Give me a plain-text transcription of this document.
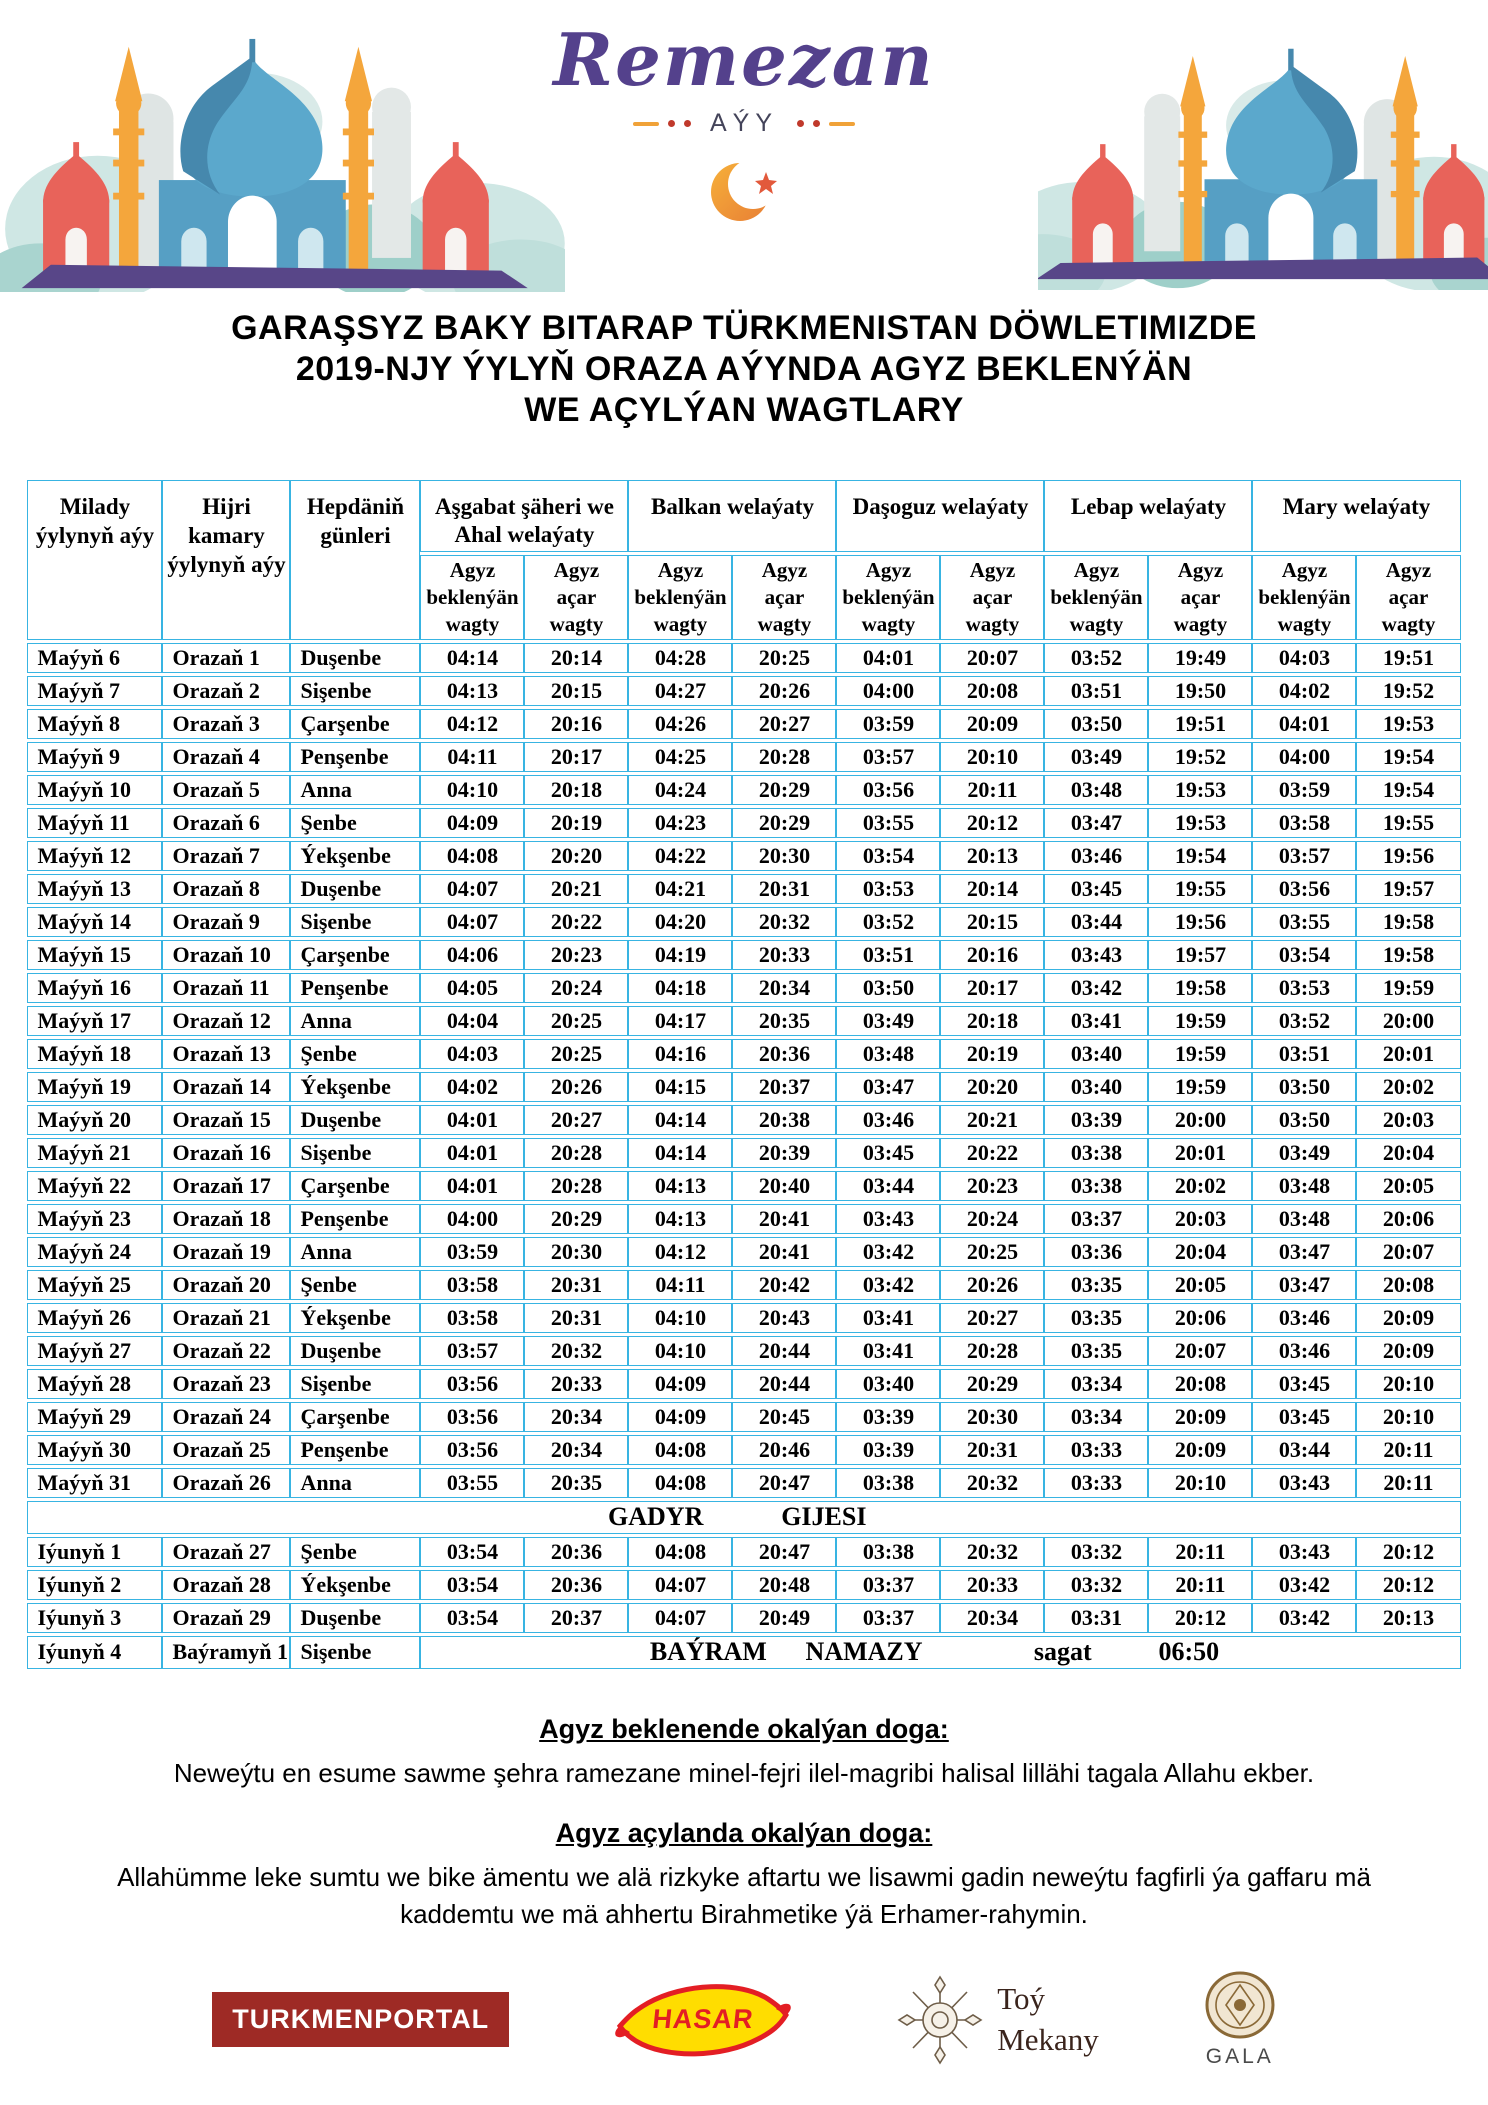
Remezan
AÝY
GARAŞSYZ BAKY BITARAP TÜRKMENISTAN DÖWLETIMIZDE
2019-NJY ÝYLYŇ ORAZA AÝYNDA AGYZ BEKLENÝÄN
WE AÇYLÝAN WAGTLARY
Milady ýylynyň aýy	Hijri kamary ýylynyň aýy	Hepdäniň günleri	Aşgabat şäheri we Ahal welaýaty		Balkan welaýaty		Daşoguz welaýaty		Lebap welaýaty		Mary welaýaty	
			Agyz
beklenýän
wagty	Agyz
açar
wagty	Agyz
beklenýän
wagty	Agyz
açar
wagty	Agyz
beklenýän
wagty	Agyz
açar
wagty	Agyz
beklenýän
wagty	Agyz
açar
wagty	Agyz
beklenýän
wagty	Agyz
açar
wagty
Maýyň 6	Orazaň 1	Duşenbe	04:14	20:14	04:28	20:25	04:01	20:07	03:52	19:49	04:03	19:51
Maýyň 7	Orazaň 2	Sişenbe	04:13	20:15	04:27	20:26	04:00	20:08	03:51	19:50	04:02	19:52
Maýyň 8	Orazaň 3	Çarşenbe	04:12	20:16	04:26	20:27	03:59	20:09	03:50	19:51	04:01	19:53
Maýyň 9	Orazaň 4	Penşenbe	04:11	20:17	04:25	20:28	03:57	20:10	03:49	19:52	04:00	19:54
Maýyň 10	Orazaň 5	Anna	04:10	20:18	04:24	20:29	03:56	20:11	03:48	19:53	03:59	19:54
Maýyň 11	Orazaň 6	Şenbe	04:09	20:19	04:23	20:29	03:55	20:12	03:47	19:53	03:58	19:55
Maýyň 12	Orazaň 7	Ýekşenbe	04:08	20:20	04:22	20:30	03:54	20:13	03:46	19:54	03:57	19:56
Maýyň 13	Orazaň 8	Duşenbe	04:07	20:21	04:21	20:31	03:53	20:14	03:45	19:55	03:56	19:57
Maýyň 14	Orazaň 9	Sişenbe	04:07	20:22	04:20	20:32	03:52	20:15	03:44	19:56	03:55	19:58
Maýyň 15	Orazaň 10	Çarşenbe	04:06	20:23	04:19	20:33	03:51	20:16	03:43	19:57	03:54	19:58
Maýyň 16	Orazaň 11	Penşenbe	04:05	20:24	04:18	20:34	03:50	20:17	03:42	19:58	03:53	19:59
Maýyň 17	Orazaň 12	Anna	04:04	20:25	04:17	20:35	03:49	20:18	03:41	19:59	03:52	20:00
Maýyň 18	Orazaň 13	Şenbe	04:03	20:25	04:16	20:36	03:48	20:19	03:40	19:59	03:51	20:01
Maýyň 19	Orazaň 14	Ýekşenbe	04:02	20:26	04:15	20:37	03:47	20:20	03:40	19:59	03:50	20:02
Maýyň 20	Orazaň 15	Duşenbe	04:01	20:27	04:14	20:38	03:46	20:21	03:39	20:00	03:50	20:03
Maýyň 21	Orazaň 16	Sişenbe	04:01	20:28	04:14	20:39	03:45	20:22	03:38	20:01	03:49	20:04
Maýyň 22	Orazaň 17	Çarşenbe	04:01	20:28	04:13	20:40	03:44	20:23	03:38	20:02	03:48	20:05
Maýyň 23	Orazaň 18	Penşenbe	04:00	20:29	04:13	20:41	03:43	20:24	03:37	20:03	03:48	20:06
Maýyň 24	Orazaň 19	Anna	03:59	20:30	04:12	20:41	03:42	20:25	03:36	20:04	03:47	20:07
Maýyň 25	Orazaň 20	Şenbe	03:58	20:31	04:11	20:42	03:42	20:26	03:35	20:05	03:47	20:08
Maýyň 26	Orazaň 21	Ýekşenbe	03:58	20:31	04:10	20:43	03:41	20:27	03:35	20:06	03:46	20:09
Maýyň 27	Orazaň 22	Duşenbe	03:57	20:32	04:10	20:44	03:41	20:28	03:35	20:07	03:46	20:09
Maýyň 28	Orazaň 23	Sişenbe	03:56	20:33	04:09	20:44	03:40	20:29	03:34	20:08	03:45	20:10
Maýyň 29	Orazaň 24	Çarşenbe	03:56	20:34	04:09	20:45	03:39	20:30	03:34	20:09	03:45	20:10
Maýyň 30	Orazaň 25	Penşenbe	03:56	20:34	04:08	20:46	03:39	20:31	03:33	20:09	03:44	20:11
Maýyň 31	Orazaň 26	Anna	03:55	20:35	04:08	20:47	03:38	20:32	03:33	20:10	03:43	20:11

GADYR GIJESI												

Iýunyň 1	Orazaň 27	Şenbe	03:54	20:36	04:08	20:47	03:38	20:32	03:32	20:11	03:43	20:12
Iýunyň 2	Orazaň 28	Ýekşenbe	03:54	20:36	04:07	20:48	03:37	20:33	03:32	20:11	03:42	20:12
Iýunyň 3	Orazaň 29	Duşenbe	03:54	20:37	04:07	20:49	03:37	20:34	03:31	20:12	03:42	20:13
Iýunyň 4	Baýramyň 1	Sişenbe	BAÝRAM NAMAZY sagat 06:50									
Agyz beklenende okalýan doga:
Neweýtu en esume sawme şehra ramezane minel-fejri ilel-magribi halisal lillähi tagala Allahu ekber.
Agyz açylanda okalýan doga:
Allahümme leke sumtu we bike ämentu we alä rizkyke aftartu we lisawmi gadin neweýtu fagfirli ýa gaffaru mä kaddemtu we mä ahhertu Birahmetike ýä Erhamer-rahymin.
TURKMENPORTAL	HASAR
Toý
Mekany	GALA
